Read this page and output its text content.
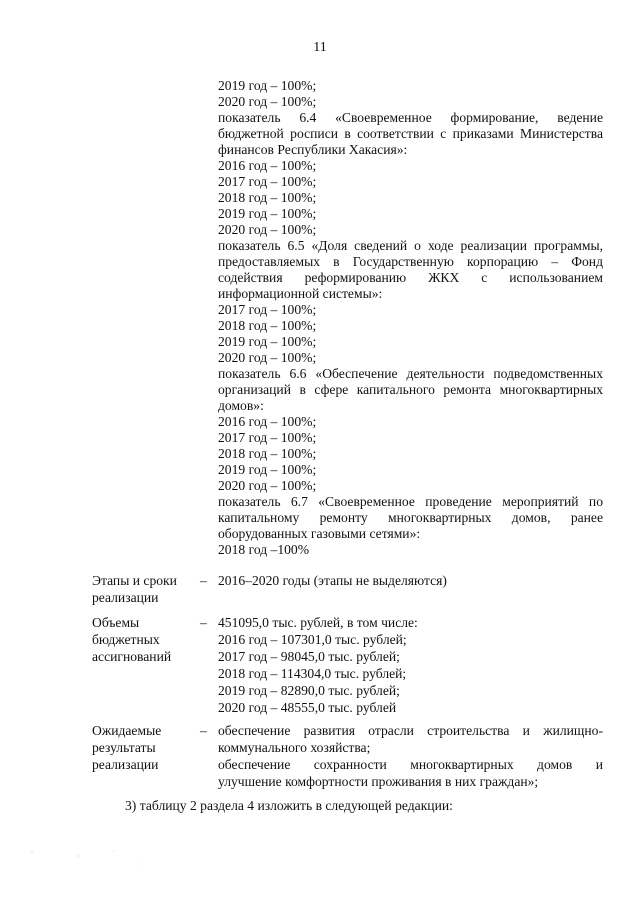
11
2019 год – 100%;
2020 год – 100%;
показатель 6.4 «Своевременное формирование, ведение бюджетной росписи в соответствии с приказами Министерства финансов Республики Хакасия»:
2016 год – 100%;
2017 год – 100%;
2018 год – 100%;
2019 год – 100%;
2020 год – 100%;
показатель 6.5 «Доля сведений о ходе реализации программы, предоставляемых в Государственную корпорацию – Фонд содействия реформированию ЖКХ с использованием информационной системы»:
2017 год – 100%;
2018 год – 100%;
2019 год – 100%;
2020 год – 100%;
показатель 6.6 «Обеспечение деятельности подведомственных организаций в сфере капитального ремонта многоквартирных домов»:
2016 год – 100%;
2017 год – 100%;
2018 год – 100%;
2019 год – 100%;
2020 год – 100%;
показатель 6.7 «Своевременное проведение мероприятий по капитальному ремонту многоквартирных домов, ранее оборудованных газовыми сетями»:
2018 год –100%
Этапы и сроки реализации
– 2016–2020 годы (этапы не выделяются)
Объемы бюджетных ассигнований
– 451095,0 тыс. рублей, в том числе:
2016 год – 107301,0 тыс. рублей;
2017 год – 98045,0 тыс. рублей;
2018 год – 114304,0 тыс. рублей;
2019 год – 82890,0 тыс. рублей;
2020 год – 48555,0 тыс. рублей
Ожидаемые результаты реализации
– обеспечение развития отрасли строительства и жилищно-коммунального хозяйства;
обеспечение сохранности многоквартирных домов и
улучшение комфортности проживания в них граждан»;
3) таблицу 2 раздела 4 изложить в следующей редакции:
